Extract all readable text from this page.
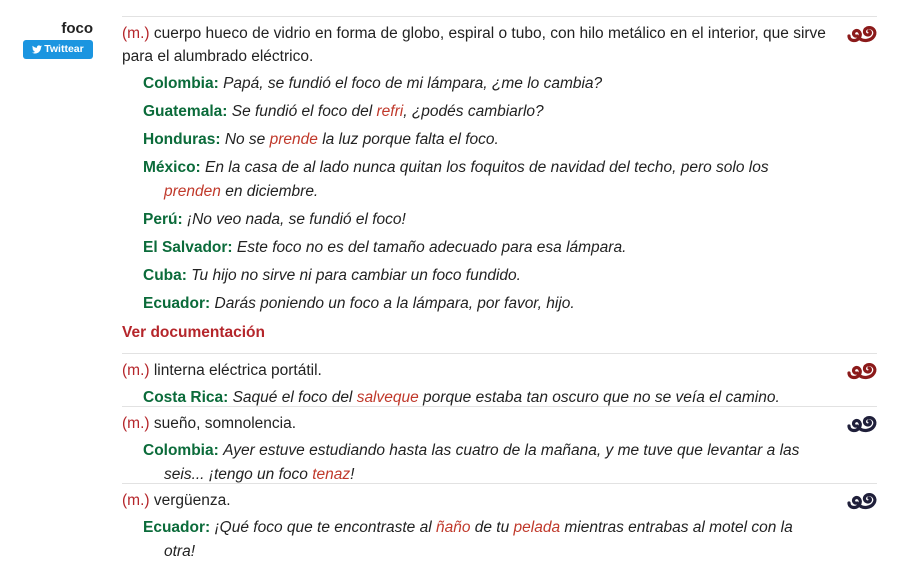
foco
Twittear
(m.) cuerpo hueco de vidrio en forma de globo, espiral o tubo, con hilo metálico en el interior, que sirve para el alumbrado eléctrico.
Colombia: Papá, se fundió el foco de mi lámpara, ¿me lo cambia?
Guatemala: Se fundió el foco del refri, ¿podés cambiarlo?
Honduras: No se prende la luz porque falta el foco.
México: En la casa de al lado nunca quitan los foquitos de navidad del techo, pero solo los prenden en diciembre.
Perú: ¡No veo nada, se fundió el foco!
El Salvador: Este foco no es del tamaño adecuado para esa lámpara.
Cuba: Tu hijo no sirve ni para cambiar un foco fundido.
Ecuador: Darás poniendo un foco a la lámpara, por favor, hijo.
Ver documentación
(m.) linterna eléctrica portátil.
Costa Rica: Saqué el foco del salveque porque estaba tan oscuro que no se veía el camino.
(m.) sueño, somnolencia.
Colombia: Ayer estuve estudiando hasta las cuatro de la mañana, y me tuve que levantar a las seis... ¡tengo un foco tenaz!
(m.) vergüenza.
Ecuador: ¡Qué foco que te encontraste al ñaño de tu pelada mientras entrabas al motel con la otra!
